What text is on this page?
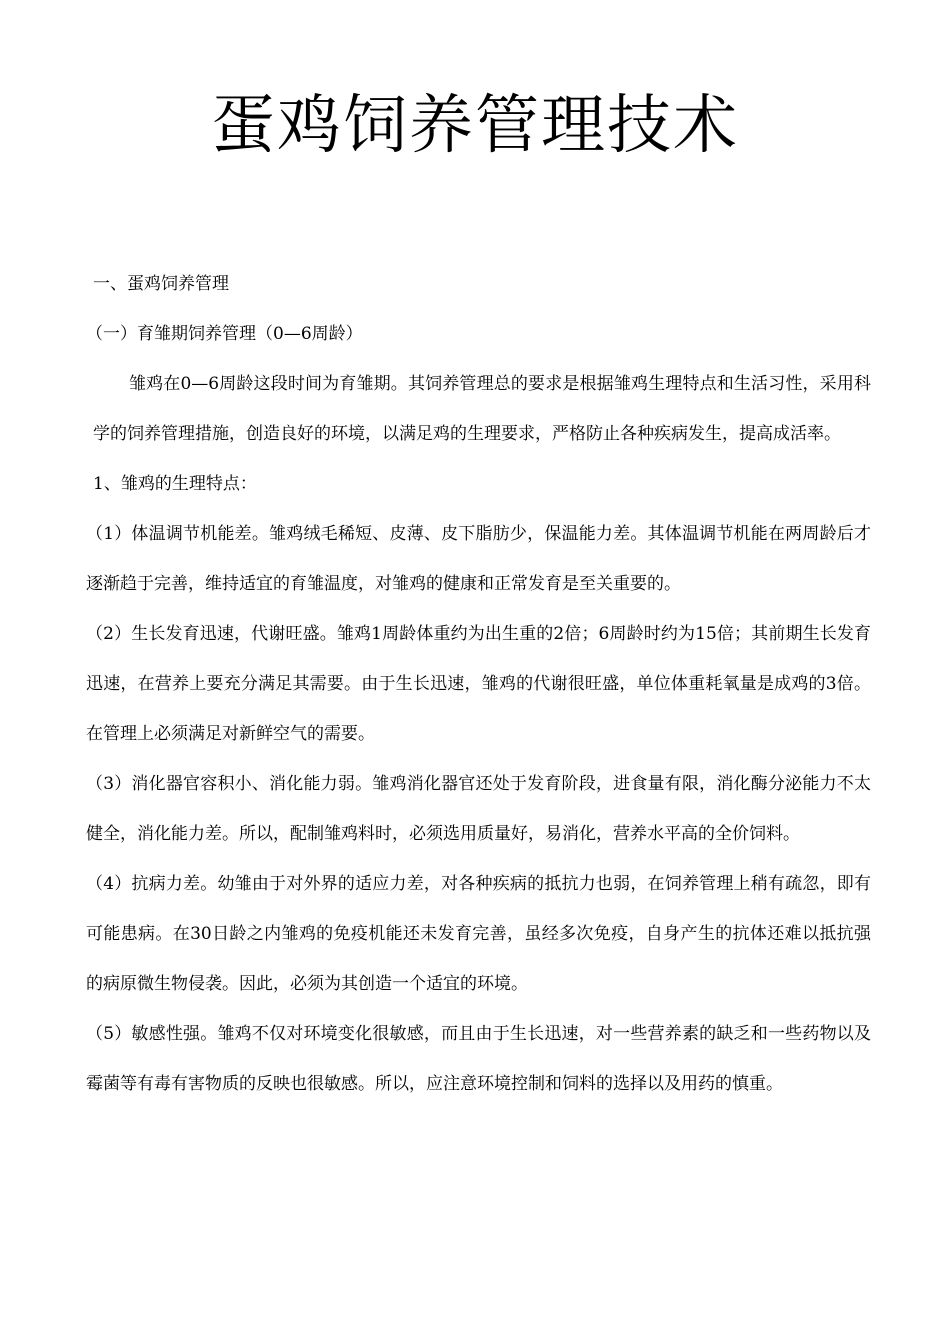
蛋鸡饲养管理技术

一、蛋鸡饲养管理

（一）育雏期饲养管理（0—6周龄）

雏鸡在0—6周龄这段时间为育雏期。其饲养管理总的要求是根据雏鸡生理特点和生活习性，采用科学的饲养管理措施，创造良好的环境，以满足鸡的生理要求，严格防止各种疾病发生，提高成活率。

1、雏鸡的生理特点：

（1）体温调节机能差。雏鸡绒毛稀短、皮薄、皮下脂肪少，保温能力差。其体温调节机能在两周龄后才逐渐趋于完善，维持适宜的育雏温度，对雏鸡的健康和正常发育是至关重要的。

（2）生长发育迅速，代谢旺盛。雏鸡1周龄体重约为出生重的2倍；6周龄时约为15倍；其前期生长发育迅速，在营养上要充分满足其需要。由于生长迅速，雏鸡的代谢很旺盛，单位体重耗氧量是成鸡的3倍。在管理上必须满足对新鲜空气的需要。

（3）消化器官容积小、消化能力弱。雏鸡消化器官还处于发育阶段，进食量有限，消化酶分泌能力不太健全，消化能力差。所以，配制雏鸡料时，必须选用质量好，易消化，营养水平高的全价饲料。

（4）抗病力差。幼雏由于对外界的适应力差，对各种疾病的抵抗力也弱，在饲养管理上稍有疏忽，即有可能患病。在30日龄之内雏鸡的免疫机能还未发育完善，虽经多次免疫，自身产生的抗体还难以抵抗强的病原微生物侵袭。因此，必须为其创造一个适宜的环境。

（5）敏感性强。雏鸡不仅对环境变化很敏感，而且由于生长迅速，对一些营养素的缺乏和一些药物以及霉菌等有毒有害物质的反映也很敏感。所以，应注意环境控制和饲料的选择以及用药的慎重。
